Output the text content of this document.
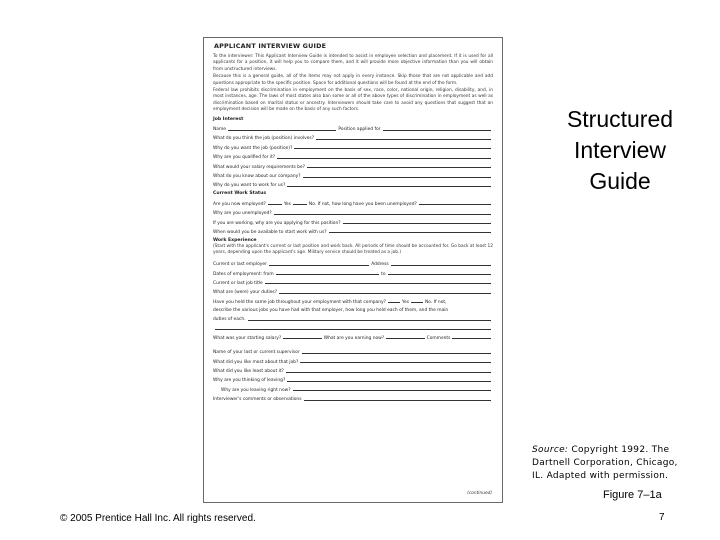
APPLICANT INTERVIEW GUIDE
To the interviewer: This Applicant Interview Guide is intended to assist in employee selection and placement. If it is used for all applicants for a position, it will help you to compare them, and it will provide more objective information than you will obtain from unstructured interviews.
Because this is a general guide, all of the items may not apply in every instance. Skip those that are not applicable and add questions appropriate to the specific position. Space for additional questions will be found at the end of the form.
Federal law prohibits discrimination in employment on the basis of sex, race, color, national origin, religion, disability, and, in most instances, age. The laws of most states also ban some or all of the above types of discrimination in employment as well as discrimination based on marital status or ancestry. Interviewers should take care to avoid any questions that suggest that an employment decision will be made on the basis of any such factors.
Job Interest
Name	Position applied for
What do you think the job (position) involves?
Why do you want the job (position)?
Why are you qualified for it?
What would your salary requirements be?
What do you know about our company?
Why do you want to work for us?
Current Work Status
Are you now employed?	Yes	No. If not, how long have you been unemployed?
Why are you unemployed?
If you are working, why are you applying for this position?
When would you be available to start work with us?
Work Experience
(Start with the applicant's current or last position and work back. All periods of time should be accounted for. Go back at least 12 years, depending upon the applicant's age. Military service should be treated as a job.)
Current or last employer	Address
Dates of employment: from	to
Current or last job title
What are (were) your duties?
Have you held the same job throughout your employment with that company?	Yes	No. If not,
describe the various jobs you have had with that employer, how long you held each of them, and the main
duties of each.
What was your starting salary?	What are you earning now?	Comments
Name of your last or current supervisor
What did you like most about that job?
What did you like least about it?
Why are you thinking of leaving?
Why are you leaving right now?
Interviewer's comments or observations
(continued)
Structured
Interview
Guide
Source: Copyright 1992. The Dartnell Corporation, Chicago, IL. Adapted with permission.
Figure 7–1a
© 2005 Prentice Hall Inc. All rights reserved.	7
